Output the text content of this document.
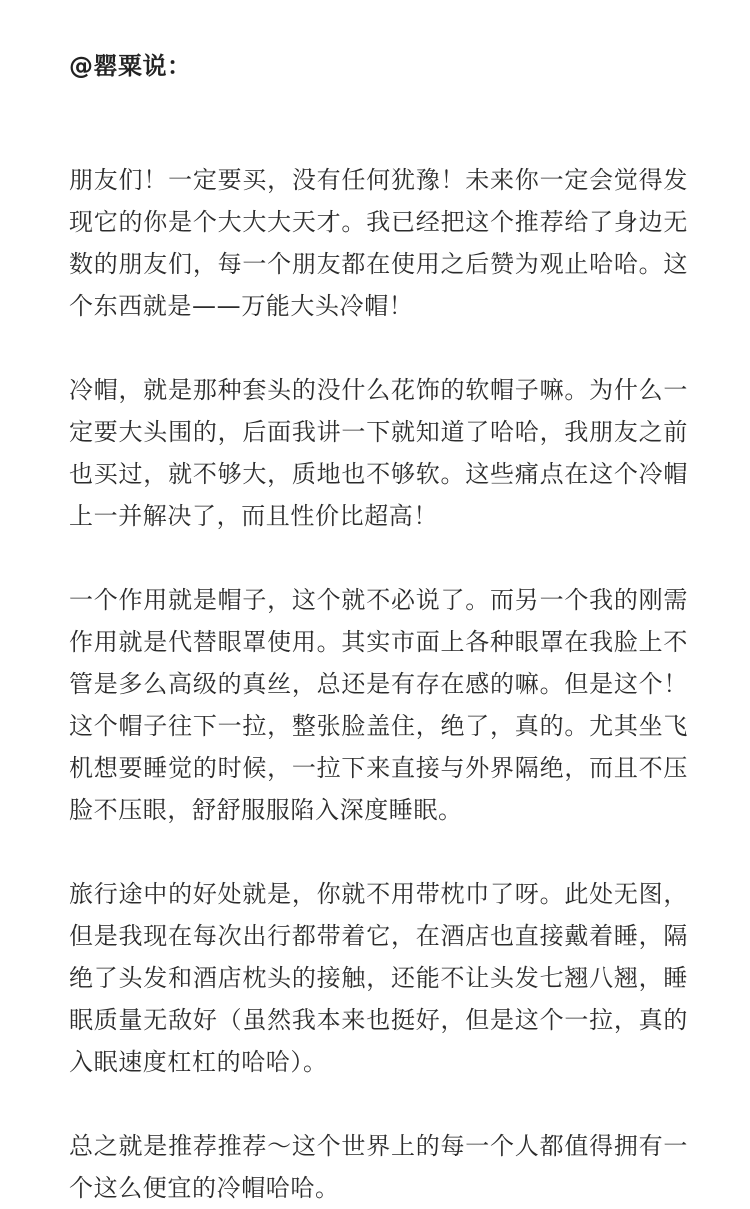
@罂粟说：

朋友们！一定要买，没有任何犹豫！未来你一定会觉得发现它的你是个大大大天才。我已经把这个推荐给了身边无数的朋友们，每一个朋友都在使用之后赞为观止哈哈。这个东西就是——万能大头冷帽！

冷帽，就是那种套头的没什么花饰的软帽子嘛。为什么一定要大头围的，后面我讲一下就知道了哈哈，我朋友之前也买过，就不够大，质地也不够软。这些痛点在这个冷帽上一并解决了，而且性价比超高！

一个作用就是帽子，这个就不必说了。而另一个我的刚需作用就是代替眼罩使用。其实市面上各种眼罩在我脸上不管是多么高级的真丝，总还是有存在感的嘛。但是这个！这个帽子往下一拉，整张脸盖住，绝了，真的。尤其坐飞机想要睡觉的时候，一拉下来直接与外界隔绝，而且不压脸不压眼，舒舒服服陷入深度睡眠。

旅行途中的好处就是，你就不用带枕巾了呀。此处无图，但是我现在每次出行都带着它，在酒店也直接戴着睡，隔绝了头发和酒店枕头的接触，还能不让头发七翘八翘，睡眠质量无敌好（虽然我本来也挺好，但是这个一拉，真的入眠速度杠杠的哈哈）。

总之就是推荐推荐～这个世界上的每一个人都值得拥有一个这么便宜的冷帽哈哈。
